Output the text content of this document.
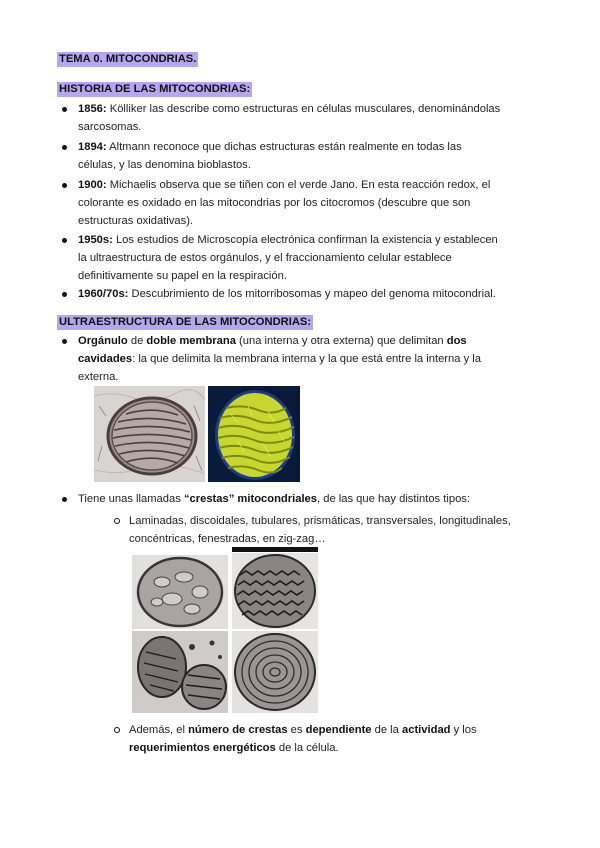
TEMA 0. MITOCONDRIAS.
HISTORIA DE LAS MITOCONDRIAS:
1856: Kölliker las describe como estructuras en células musculares, denominándolas
sarcosomas.
1894: Altmann reconoce que dichas estructuras están realmente en todas las
células, y las denomina bioblastos.
1900: Michaelis observa que se tiñen con el verde Jano. En esta reacción redox, el
colorante es oxidado en las mitocondrias por los citocromos (descubre que son
estructuras oxidativas).
1950s: Los estudios de Microscopía electrónica confirman la existencia y establecen
la ultraestructura de estos orgánulos, y el fraccionamiento celular establece
definitivamente su papel en la respiración.
1960/70s: Descubrimiento de los mitorribosomas y mapeo del genoma mitocondrial.
ULTRAESTRUCTURA DE LAS MITOCONDRIAS:
Orgánulo de doble membrana (una interna y otra externa) que delimitan dos
cavidades: la que delimita la membrana interna y la que está entre la interna y la
externa.
Tiene unas llamadas “crestas” mitocondriales, de las que hay distintos tipos:
Laminadas, discoidales, tubulares, prismáticas, transversales, longitudinales,
concéntricas, fenestradas, en zig-zag…
Además, el número de crestas es dependiente de la actividad y los
requerimientos energéticos de la célula.
